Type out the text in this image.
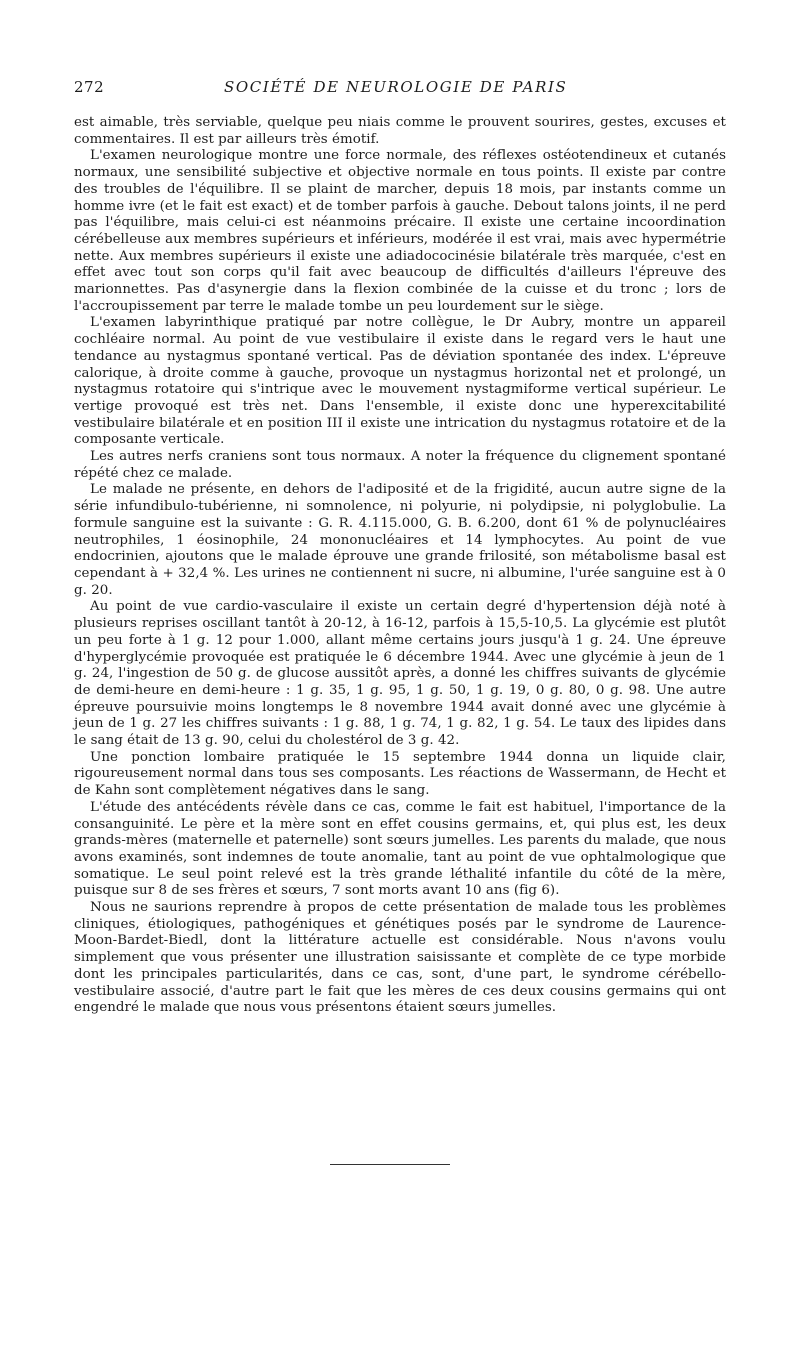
272	SOCIÉTÉ DE NEUROLOGIE DE PARIS

est aimable, très serviable, quelque peu niais comme le prouvent sourires, gestes, excuses et commentaires. Il est par ailleurs très émotif.

L'examen neurologique montre une force normale, des réflexes ostéotendineux et cutanés normaux, une sensibilité subjective et objective normale en tous points. Il existe par contre des troubles de l'équilibre. Il se plaint de marcher, depuis 18 mois, par instants comme un homme ivre (et le fait est exact) et de tomber parfois à gauche. Debout talons joints, il ne perd pas l'équilibre, mais celui-ci est néanmoins précaire. Il existe une certaine incoordination cérébelleuse aux membres supérieurs et inférieurs, modérée il est vrai, mais avec hypermétrie nette. Aux membres supérieurs il existe une adiadococinésie bilatérale très marquée, c'est en effet avec tout son corps qu'il fait avec beaucoup de difficultés d'ailleurs l'épreuve des marionnettes. Pas d'asynergie dans la flexion combinée de la cuisse et du tronc ; lors de l'accroupissement par terre le malade tombe un peu lourdement sur le siège.

L'examen labyrinthique pratiqué par notre collègue, le Dr Aubry, montre un appareil cochléaire normal. Au point de vue vestibulaire il existe dans le regard vers le haut une tendance au nystagmus spontané vertical. Pas de déviation spontanée des index. L'épreuve calorique, à droite comme à gauche, provoque un nystagmus horizontal net et prolongé, un nystagmus rotatoire qui s'intrique avec le mouvement nystagmiforme vertical supérieur. Le vertige provoqué est très net. Dans l'ensemble, il existe donc une hyperexcitabilité vestibulaire bilatérale et en position III il existe une intrication du nystagmus rotatoire et de la composante verticale.

Les autres nerfs craniens sont tous normaux. A noter la fréquence du clignement spontané répété chez ce malade.

Le malade ne présente, en dehors de l'adiposité et de la frigidité, aucun autre signe de la série infundibulo-tubérienne, ni somnolence, ni polyurie, ni polydipsie, ni polyglobulie. La formule sanguine est la suivante : G. R. 4.115.000, G. B. 6.200, dont 61 % de polynucléaires neutrophiles, 1 éosinophile, 24 mononucléaires et 14 lymphocytes. Au point de vue endocrinien, ajoutons que le malade éprouve une grande frilosité, son métabolisme basal est cependant à + 32,4 %. Les urines ne contiennent ni sucre, ni albumine, l'urée sanguine est à 0 g. 20.

Au point de vue cardio-vasculaire il existe un certain degré d'hypertension déjà noté à plusieurs reprises oscillant tantôt à 20-12, à 16-12, parfois à 15,5-10,5. La glycémie est plutôt un peu forte à 1 g. 12 pour 1.000, allant même certains jours jusqu'à 1 g. 24. Une épreuve d'hyperglycémie provoquée est pratiquée le 6 décembre 1944. Avec une glycémie à jeun de 1 g. 24, l'ingestion de 50 g. de glucose aussitôt après, a donné les chiffres suivants de glycémie de demi-heure en demi-heure : 1 g. 35, 1 g. 95, 1 g. 50, 1 g. 19, 0 g. 80, 0 g. 98. Une autre épreuve poursuivie moins longtemps le 8 novembre 1944 avait donné avec une glycémie à jeun de 1 g. 27 les chiffres suivants : 1 g. 88, 1 g. 74, 1 g. 82, 1 g. 54. Le taux des lipides dans le sang était de 13 g. 90, celui du cholestérol de 3 g. 42.

Une ponction lombaire pratiquée le 15 septembre 1944 donna un liquide clair, rigoureusement normal dans tous ses composants. Les réactions de Wassermann, de Hecht et de Kahn sont complètement négatives dans le sang.

L'étude des antécédents révèle dans ce cas, comme le fait est habituel, l'importance de la consanguinité. Le père et la mère sont en effet cousins germains, et, qui plus est, les deux grands-mères (maternelle et paternelle) sont sœurs jumelles. Les parents du malade, que nous avons examinés, sont indemnes de toute anomalie, tant au point de vue ophtalmologique que somatique. Le seul point relevé est la très grande léthalité infantile du côté de la mère, puisque sur 8 de ses frères et sœurs, 7 sont morts avant 10 ans (fig 6).

Nous ne saurions reprendre à propos de cette présentation de malade tous les problèmes cliniques, étiologiques, pathogéniques et génétiques posés par le syndrome de Laurence-Moon-Bardet-Biedl, dont la littérature actuelle est considérable. Nous n'avons voulu simplement que vous présenter une illustration saisissante et complète de ce type morbide dont les principales particularités, dans ce cas, sont, d'une part, le syndrome cérébello-vestibulaire associé, d'autre part le fait que les mères de ces deux cousins germains qui ont engendré le malade que nous vous présentons étaient sœurs jumelles.
